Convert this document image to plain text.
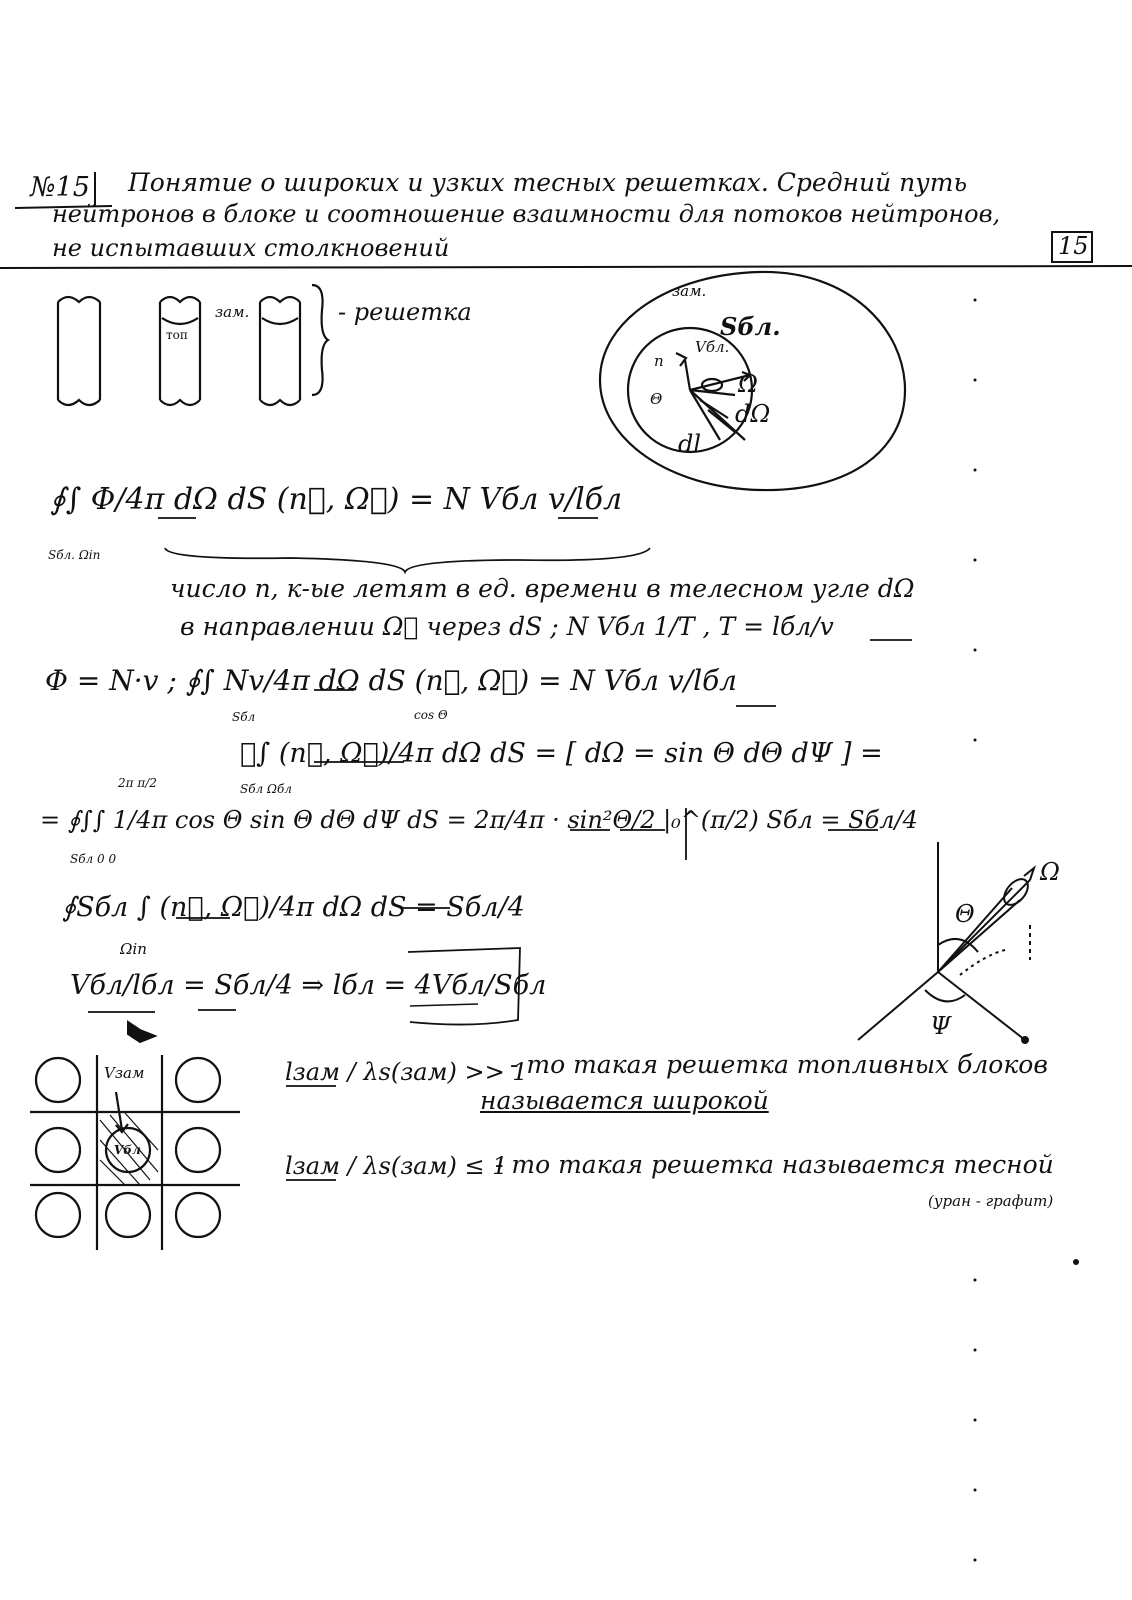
№15 Понятие о широких и узких тесных решетках. Средний путь
нейтронов в блоке и соотношение взаимности для потоков нейтронов,
не испытавших столкновений	15
топ
зам.	- решетка
зам.
Sбл.
Vбл.
n
Ω
Θ
dΩ
dl
∮∫ Φ/4π dΩ dS (n⃗, Ω⃗) = N Vбл v/lбл
Sбл. Ωin
число n, к-ые летят в ед. времени в телесном угле dΩ
в направлении Ω⃗ через dS ; N Vбл 1/T , T = lбл/v
Φ = N·v ; ∮∫ Nv/4π dΩ dS (n⃗, Ω⃗) = N Vбл v/lбл
Sбл	cos Θ
∮∫ (n⃗, Ω⃗)/4π dΩ dS = [ dΩ = sin Θ dΘ dΨ ] =
Sбл Ωбл
2π π/2
= ∮∫∫ 1/4π cos Θ sin Θ dΘ dΨ dS = 2π/4π · sin²Θ/2 |₀^(π/2) Sбл = Sбл/4
Sбл 0 0
∮Sбл ∫ (n⃗, Ω⃗)/4π dΩ dS = Sбл/4
Ωin
Vбл/lбл = Sбл/4 ⇒ lбл = 4Vбл/Sбл
lзам / λs(зам) >> 1
- то такая решетка топливных блоков
называется широкой
lзам / λs(зам) ≤ 1
- то такая решетка называется тесной
(уран - графит)
Vзам
Vбл
Ω
Θ
Ψ
